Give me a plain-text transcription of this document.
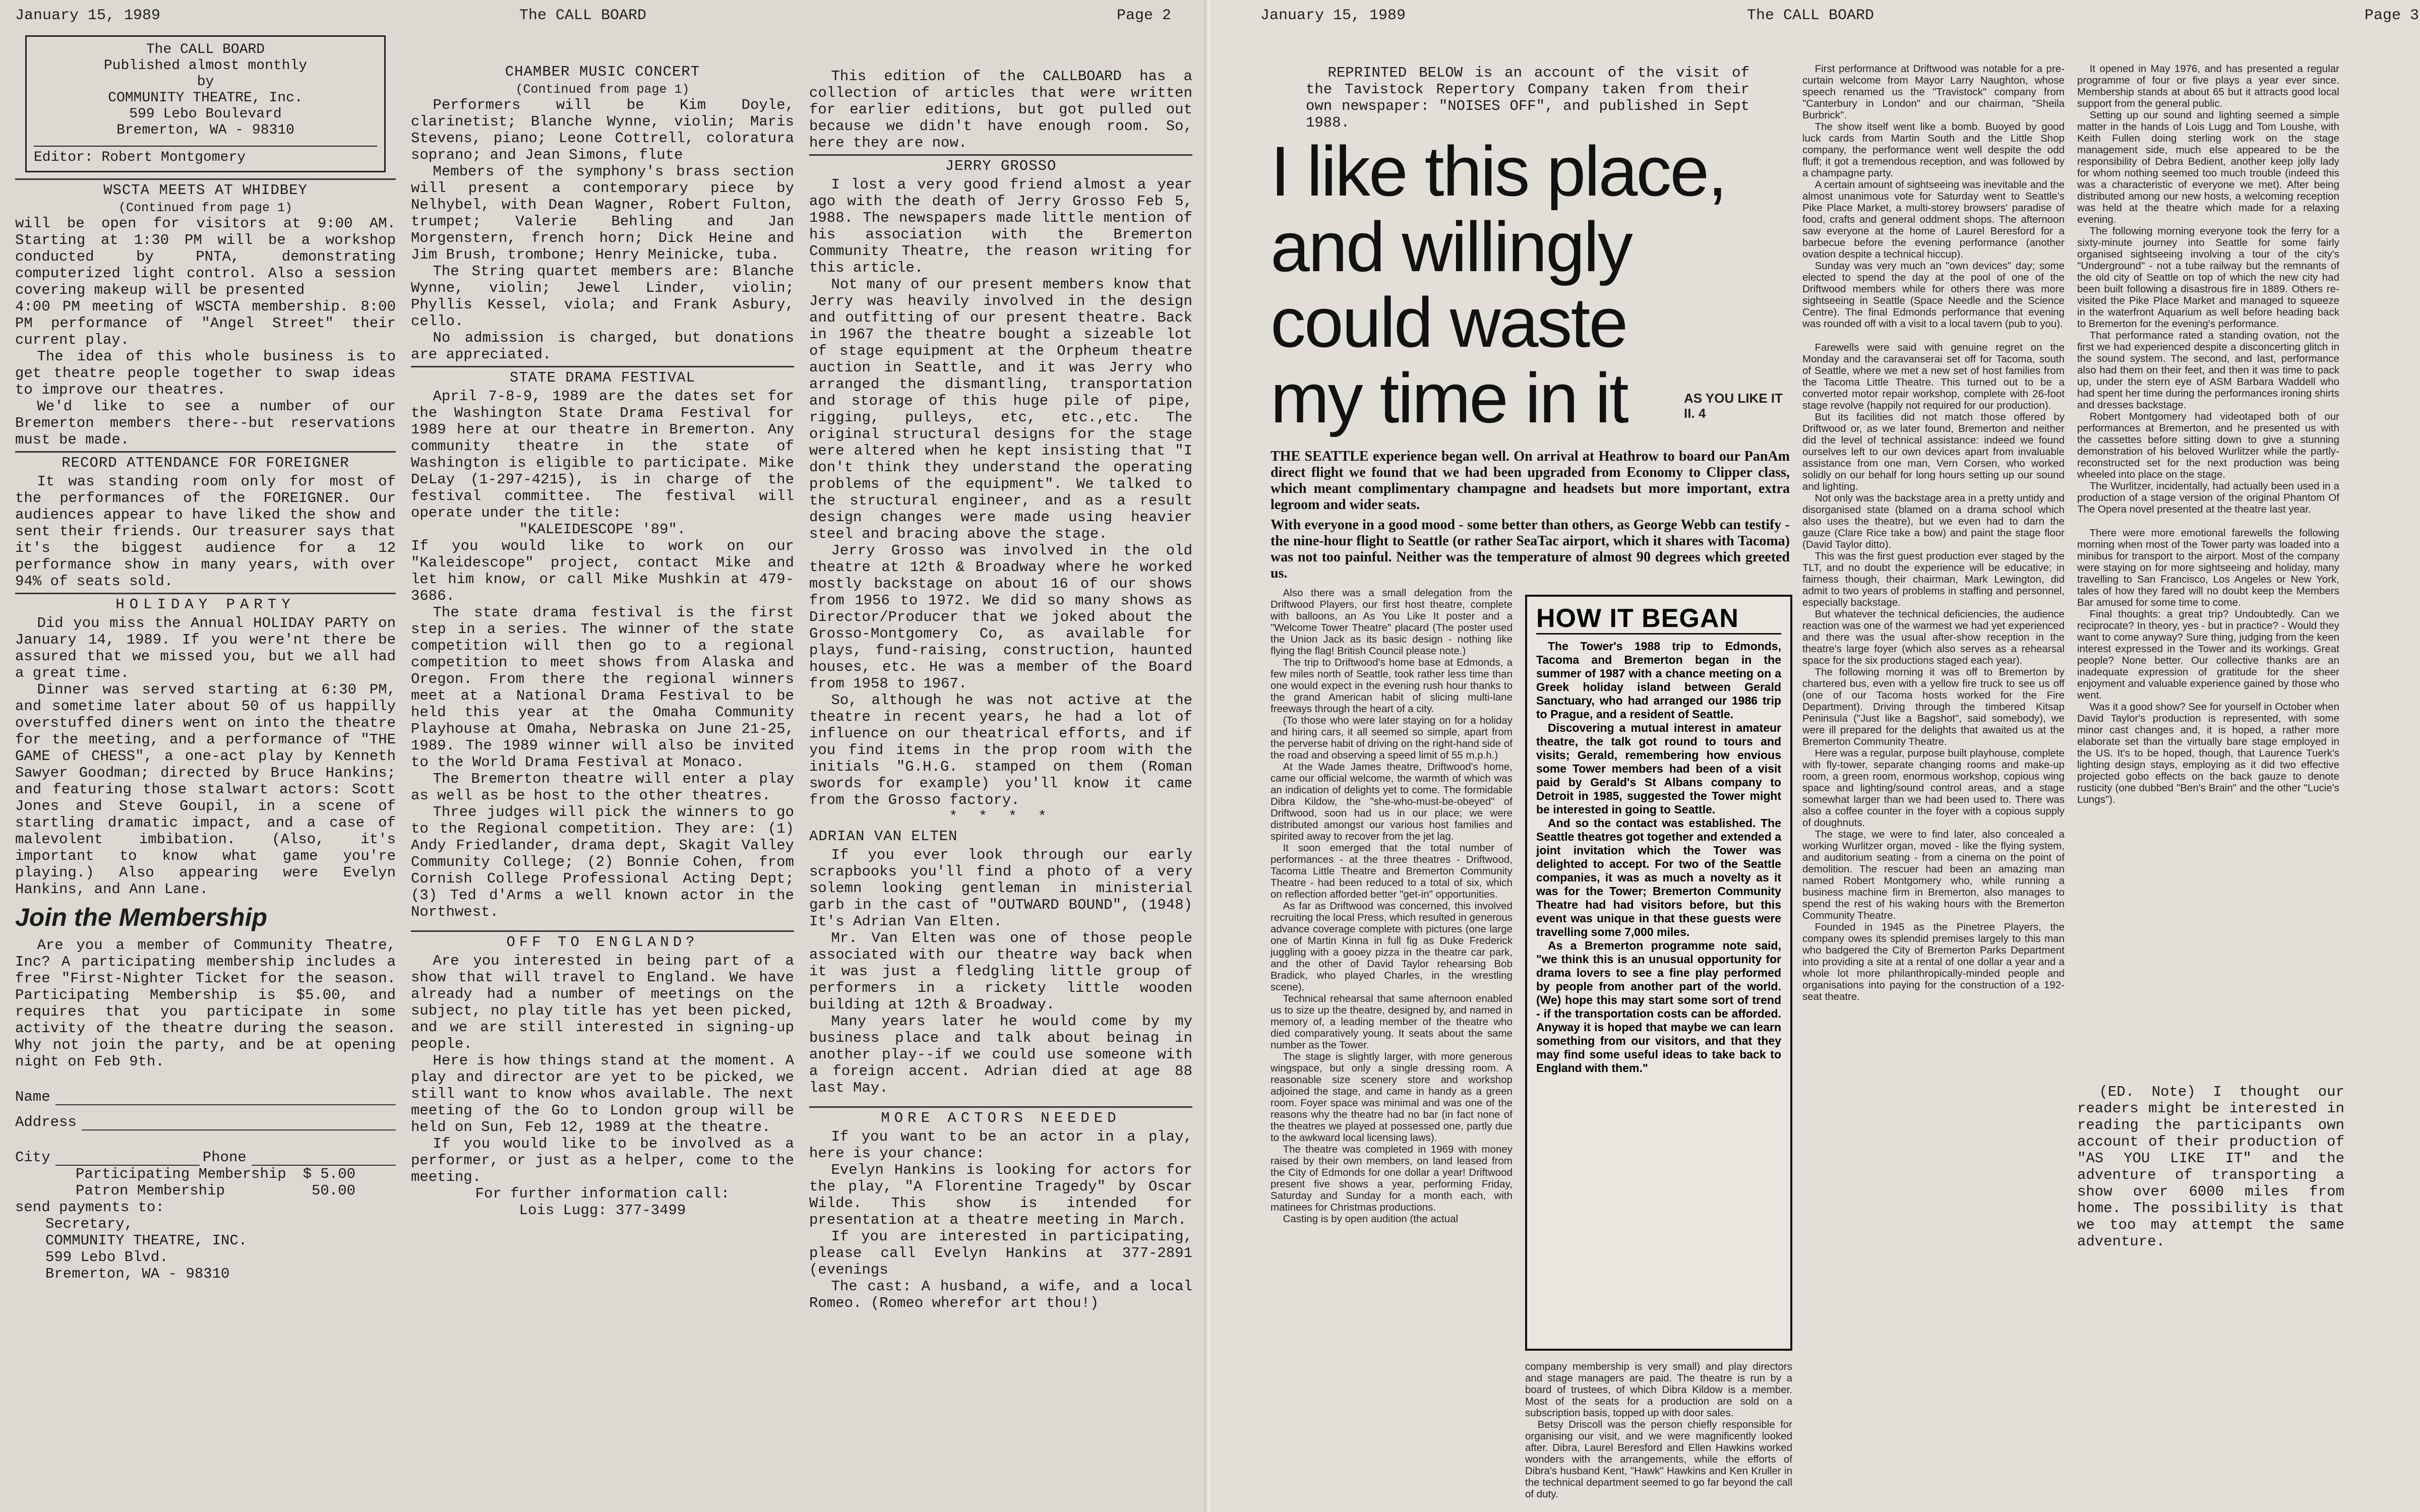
January 15, 1989	The CALL BOARD	Page 2
The CALL BOARD
Published almost monthly
by
COMMUNITY THEATRE, Inc.
599 Lebo Boulevard
Bremerton, WA - 98310
Editor: Robert Montgomery
WSCTA MEETS AT WHIDBEY
(Continued from page 1)

will be open for visitors at 9:00 AM. Starting at 1:30 PM will be a workshop conducted by PNTA, demonstrating computerized light control. Also a session covering makeup will be presented

4:00 PM meeting of WSCTA membership. 8:00 PM performance of "Angel Street" their current play.

The idea of this whole business is to get theatre people together to swap ideas to improve our theatres.

We'd like to see a number of our Bremerton members there--but reservations must be made.

RECORD ATTENDANCE FOR FOREIGNER

It was standing room only for most of the performances of the FOREIGNER. Our audiences appear to have liked the show and sent their friends. Our treasurer says that it's the biggest audience for a 12 performance show in many years, with over 94% of seats sold.

HOLIDAY PARTY

Did you miss the Annual HOLIDAY PARTY on January 14, 1989. If you were'nt there be assured that we missed you, but we all had a great time.

Dinner was served starting at 6:30 PM, and sometime later about 50 of us happilly overstuffed diners went on into the theatre for the meeting, and a performance of "THE GAME of CHESS", a one-act play by Kenneth Sawyer Goodman; directed by Bruce Hankins; and featuring those stalwart actors: Scott Jones and Steve Goupil, in a scene of startling dramatic impact, and a case of malevolent imbibation. (Also, it's important to know what game you're playing.) Also appearing were Evelyn Hankins, and Ann Lane.

Join the Membership

Are you a member of Community Theatre, Inc? A participating membership includes a free "First-Nighter Ticket for the season. Participating Membership is $5.00, and requires that you participate in some activity of the theatre during the season. Why not join the party, and be at opening night on Feb 9th.

Name
Address
City	Phone
Participating Membership $ 5.00
Patron Membership	50.00
send payments to:
Secretary,
COMMUNITY THEATRE, INC.
599 Lebo Blvd.
Bremerton, WA - 98310
CHAMBER MUSIC CONCERT
(Continued from page 1)

Performers will be Kim Doyle, clarinetist; Blanche Wynne, violin; Maris Stevens, piano; Leone Cottrell, coloratura soprano; and Jean Simons, flute

Members of the symphony's brass section will present a contemporary piece by Nelhybel, with Dean Wagner, Robert Fulton, trumpet; Valerie Behling and Jan Morgenstern, french horn; Dick Heine and Jim Brush, trombone; Henry Meinicke, tuba.

The String quartet members are: Blanche Wynne, violin; Jewel Linder, violin; Phyllis Kessel, viola; and Frank Asbury, cello.

No admission is charged, but donations are appreciated.

STATE DRAMA FESTIVAL

April 7-8-9, 1989 are the dates set for the Washington State Drama Festival for 1989 here at our theatre in Bremerton. Any community theatre in the state of Washington is eligible to participate. Mike DeLay (1-297-4215), is in charge of the festival committee. The festival will operate under the title:

"KALEIDESCOPE '89".

If you would like to work on our "Kaleidescope" project, contact Mike and let him know, or call Mike Mushkin at 479-3686.

The state drama festival is the first step in a series. The winner of the state competition will then go to a regional competition to meet shows from Alaska and Oregon. From there the regional winners meet at a National Drama Festival to be held this year at the Omaha Community Playhouse at Omaha, Nebraska on June 21-25, 1989. The 1989 winner will also be invited to the World Drama Festival at Monaco.

The Bremerton theatre will enter a play as well as be host to the other theatres.

Three judges will pick the winners to go to the Regional competition. They are: (1) Andy Friedlander, drama dept, Skagit Valley Community College; (2) Bonnie Cohen, from Cornish College Professional Acting Dept; (3) Ted d'Arms a well known actor in the Northwest.

OFF TO ENGLAND?

Are you interested in being part of a show that will travel to England. We have already had a number of meetings on the subject, no play title has yet been picked, and we are still interested in signing-up people.

Here is how things stand at the moment. A play and director are yet to be picked, we still want to know whos available. The next meeting of the Go to London group will be held on Sun, Feb 12, 1989 at the theatre.

If you would like to be involved as a performer, or just as a helper, come to the meeting.

For further information call:
Lois Lugg: 377-3499

This edition of the CALLBOARD has a collection of articles that were written for earlier editions, but got pulled out because we didn't have enough room. So, here they are now.

JERRY GROSSO

I lost a very good friend almost a year ago with the death of Jerry Grosso Feb 5, 1988. The newspapers made little mention of his association with the Bremerton Community Theatre, the reason writing for this article.

Not many of our present members know that Jerry was heavily involved in the design and outfitting of our present theatre. Back in 1967 the theatre bought a sizeable lot of stage equipment at the Orpheum theatre auction in Seattle, and it was Jerry who arranged the dismantling, transportation and storage of this huge pile of pipe, rigging, pulleys, etc, etc.,etc. The original structural designs for the stage were altered when he kept insisting that "I don't think they understand the operating problems of the equipment". We talked to the structural engineer, and as a result design changes were made using heavier steel and bracing above the stage.

Jerry Grosso was involved in the old theatre at 12th & Broadway where he worked mostly backstage on about 16 of our shows from 1956 to 1972. We did so many shows as Director/Producer that we joked about the Grosso-Montgomery Co, as available for plays, fund-raising, construction, haunted houses, etc. He was a member of the Board from 1958 to 1967.

So, although he was not active at the theatre in recent years, he had a lot of influence on our theatrical efforts, and if you find items in the prop room with the initials "G.H.G. stamped on them (Roman swords for example) you'll know it came from the Grosso factory.

* * * *
ADRIAN VAN ELTEN

If you ever look through our early scrapbooks you'll find a photo of a very solemn looking gentleman in ministerial garb in the cast of "OUTWARD BOUND", (1948) It's Adrian Van Elten.

Mr. Van Elten was one of those people associated with our theatre way back when it was just a fledgling little group of performers in a rickety little wooden building at 12th & Broadway.

Many years later he would come by my business place and talk about beinag in another play--if we could use someone with a foreign accent. Adrian died at age 88 last May.

MORE ACTORS NEEDED

If you want to be an actor in a play, here is your chance:

Evelyn Hankins is looking for actors for the play, "A Florentine Tragedy" by Oscar Wilde. This show is intended for presentation at a theatre meeting in March.

If you are interested in participating, please call Evelyn Hankins at 377-2891 (evenings

The cast: A husband, a wife, and a local Romeo. (Romeo wherefor art thou!)

January 15, 1989	The CALL BOARD	Page 3

REPRINTED BELOW is an account of the visit of the Tavistock Repertory Company taken from their own newspaper: "NOISES OFF", and published in Sept 1988.

I like this place,
and willingly
could waste
my time in it	AS YOU LIKE IT
II. 4
THE SEATTLE experience began well. On arrival at Heathrow to board our PanAm direct flight we found that we had been upgraded from Economy to Clipper class, which meant complimentary champagne and headsets but more important, extra legroom and wider seats.
With everyone in a good mood - some better than others, as George Webb can testify - the nine-hour flight to Seattle (or rather SeaTac airport, which it shares with Tacoma) was not too painful. Neither was the temperature of almost 90 degrees which greeted us.

Also there was a small delegation from the Driftwood Players, our first host theatre, complete with balloons, an As You Like It poster and a "Welcome Tower Theatre" placard (The poster used the Union Jack as its basic design - nothing like flying the flag! British Council please note.)

The trip to Driftwood's home base at Edmonds, a few miles north of Seattle, took rather less time than one would expect in the evening rush hour thanks to the grand American habit of slicing multi-lane freeways through the heart of a city.

(To those who were later staying on for a holiday and hiring cars, it all seemed so simple, apart from the perverse habit of driving on the right-hand side of the road and observing a speed limit of 55 m.p.h.)

At the Wade James theatre, Driftwood's home, came our official welcome, the warmth of which was an indication of delights yet to come. The formidable Dibra Kildow, the "she-who-must-be-obeyed" of Driftwood, soon had us in our place; we were distributed amongst our various host families and spirited away to recover from the jet lag.

It soon emerged that the total number of performances - at the three theatres - Driftwood, Tacoma Little Theatre and Bremerton Community Theatre - had been reduced to a total of six, which on reflection afforded better "get-in" opportunities.

As far as Driftwood was concerned, this involved recruiting the local Press, which resulted in generous advance coverage complete with pictures (one large one of Martin Kinna in full fig as Duke Frederick juggling with a gooey pizza in the theatre car park, and the other of David Taylor rehearsing Bob Bradick, who played Charles, in the wrestling scene).

Technical rehearsal that same afternoon enabled us to size up the theatre, designed by, and named in memory of, a leading member of the theatre who died comparatively young. It seats about the same number as the Tower.

The stage is slightly larger, with more generous wingspace, but only a single dressing room. A reasonable size scenery store and workshop adjoined the stage, and came in handy as a green room. Foyer space was minimal and was one of the reasons why the theatre had no bar (in fact none of the theatres we played at possessed one, partly due to the awkward local licensing laws).

The theatre was completed in 1969 with money raised by their own members, on land leased from the City of Edmonds for one dollar a year! Driftwood present five shows a year, performing Friday, Saturday and Sunday for a month each, with matinees for Christmas productions.

Casting is by open audition (the actual

HOW IT BEGAN

The Tower's 1988 trip to Edmonds, Tacoma and Bremerton began in the summer of 1987 with a chance meeting on a Greek holiday island between Gerald Sanctuary, who had arranged our 1986 trip to Prague, and a resident of Seattle.

Discovering a mutual interest in amateur theatre, the talk got round to tours and visits; Gerald, remembering how envious some Tower members had been of a visit paid by Gerald's St Albans company to Detroit in 1985, suggested the Tower might be interested in going to Seattle.

And so the contact was established. The Seattle theatres got together and extended a joint invitation which the Tower was delighted to accept. For two of the Seattle companies, it was as much a novelty as it was for the Tower; Bremerton Community Theatre had had visitors before, but this event was unique in that these guests were travelling some 7,000 miles.

As a Bremerton programme note said, "we think this is an unusual opportunity for drama lovers to see a fine play performed by people from another part of the world. (We) hope this may start some sort of trend - if the transportation costs can be afforded. Anyway it is hoped that maybe we can learn something from our visitors, and that they may find some useful ideas to take back to England with them."

company membership is very small) and play directors and stage managers are paid. The theatre is run by a board of trustees, of which Dibra Kildow is a member. Most of the seats for a production are sold on a subscription basis, topped up with door sales.

Betsy Driscoll was the person chiefly responsible for organising our visit, and we were magnificently looked after. Dibra, Laurel Beresford and Ellen Hawkins worked wonders with the arrangements, while the efforts of Dibra's husband Kent, "Hawk" Hawkins and Ken Kruller in the technical department seemed to go far beyond the call of duty.

First performance at Driftwood was notable for a pre-curtain welcome from Mayor Larry Naughton, whose speech renamed us the "Travistock" company from "Canterbury in London" and our chairman, "Sheila Burbrick".

The show itself went like a bomb. Buoyed by good luck cards from Martin South and the Little Shop company, the performance went well despite the odd fluff; it got a tremendous reception, and was followed by a champagne party.

A certain amount of sightseeing was inevitable and the almost unanimous vote for Saturday went to Seattle's Pike Place Market, a multi-storey browsers' paradise of food, crafts and general oddment shops. The afternoon saw everyone at the home of Laurel Beresford for a barbecue before the evening performance (another ovation despite a technical hiccup).

Sunday was very much an "own devices" day; some elected to spend the day at the pool of one of the Driftwood members while for others there was more sightseeing in Seattle (Space Needle and the Science Centre). The final Edmonds performance that evening was rounded off with a visit to a local tavern (pub to you).

Farewells were said with genuine regret on the Monday and the caravanserai set off for Tacoma, south of Seattle, where we met a new set of host families from the Tacoma Little Theatre. This turned out to be a converted motor repair workshop, complete with 26-foot stage revolve (happily not required for our production).

But its facilities did not match those offered by Driftwood or, as we later found, Bremerton and neither did the level of technical assistance: indeed we found ourselves left to our own devices apart from invaluable assistance from one man, Vern Corsen, who worked solidly on our behalf for long hours setting up our sound and lighting.

Not only was the backstage area in a pretty untidy and disorganised state (blamed on a drama school which also uses the theatre), but we even had to darn the gauze (Clare Rice take a bow) and paint the stage floor (David Taylor ditto).

This was the first guest production ever staged by the TLT, and no doubt the experience will be educative; in fairness though, their chairman, Mark Lewington, did admit to two years of problems in staffing and personnel, especially backstage.

But whatever the technical deficiencies, the audience reaction was one of the warmest we had yet experienced and there was the usual after-show reception in the theatre's large foyer (which also serves as a rehearsal space for the six productions staged each year).

The following morning it was off to Bremerton by chartered bus, even with a yellow fire truck to see us off (one of our Tacoma hosts worked for the Fire Department). Driving through the timbered Kitsap Peninsula ("Just like a Bagshot", said somebody), we were ill prepared for the delights that awaited us at the Bremerton Community Theatre.

Here was a regular, purpose built playhouse, complete with fly-tower, separate changing rooms and make-up room, a green room, enormous workshop, copious wing space and lighting/sound control areas, and a stage somewhat larger than we had been used to. There was also a coffee counter in the foyer with a copious supply of doughnuts.

The stage, we were to find later, also concealed a working Wurlitzer organ, moved - like the flying system, and auditorium seating - from a cinema on the point of demolition. The rescuer had been an amazing man named Robert Montgomery who, while running a business machine firm in Bremerton, also manages to spend the rest of his waking hours with the Bremerton Community Theatre.

Founded in 1945 as the Pinetree Players, the company owes its splendid premises largely to this man who badgered the City of Bremerton Parks Department into providing a site at a rental of one dollar a year and a whole lot more philanthropically-minded people and organisations into paying for the construction of a 192-seat theatre.

It opened in May 1976, and has presented a regular programme of four or five plays a year ever since. Membership stands at about 65 but it attracts good local support from the general public.

Setting up our sound and lighting seemed a simple matter in the hands of Lois Lugg and Tom Loushe, with Keith Fullen doing sterling work on the stage management side, much else appeared to be the responsibility of Debra Bedient, another keep jolly lady for whom nothing seemed too much trouble (indeed this was a characteristic of everyone we met). After being distributed among our new hosts, a welcoming reception was held at the theatre which made for a relaxing evening.

The following morning everyone took the ferry for a sixty-minute journey into Seattle for some fairly organised sightseeing involving a tour of the city's "Underground" - not a tube railway but the remnants of the old city of Seattle on top of which the new city had been built following a disastrous fire in 1889. Others re-visited the Pike Place Market and managed to squeeze in the waterfront Aquarium as well before heading back to Bremerton for the evening's performance.

That performance rated a standing ovation, not the first we had experienced despite a disconcerting glitch in the sound system. The second, and last, performance also had them on their feet, and then it was time to pack up, under the stern eye of ASM Barbara Waddell who had spent her time during the performances ironing shirts and dresses backstage.

Robert Montgomery had videotaped both of our performances at Bremerton, and he presented us with the cassettes before sitting down to give a stunning demonstration of his beloved Wurlitzer while the partly-reconstructed set for the next production was being wheeled into place on the stage.

The Wurlitzer, incidentally, had actually been used in a production of a stage version of the original Phantom Of The Opera novel presented at the theatre last year.

There were more emotional farewells the following morning when most of the Tower party was loaded into a minibus for transport to the airport. Most of the company were staying on for more sightseeing and holiday, many travelling to San Francisco, Los Angeles or New York, tales of how they fared will no doubt keep the Members Bar amused for some time to come.

Final thoughts: a great trip? Undoubtedly. Can we reciprocate? In theory, yes - but in practice? - Would they want to come anyway? Sure thing, judging from the keen interest expressed in the Tower and its workings. Great people? None better. Our collective thanks are an inadequate expression of gratitude for the sheer enjoyment and valuable experience gained by those who went.

Was it a good show? See for yourself in October when David Taylor's production is represented, with some minor cast changes and, it is hoped, a rather more elaborate set than the virtually bare stage employed in the US. It's to be hoped, though, that Laurence Tuerk's lighting design stays, employing as it did two effective projected gobo effects on the back gauze to denote rusticity (one dubbed "Ben's Brain" and the other "Lucie's Lungs").

(ED. Note) I thought our readers might be interested in reading the participants own account of their production of "AS YOU LIKE IT" and the adventure of transporting a show over 6000 miles from home. The possibility is that we too may attempt the same adventure.
